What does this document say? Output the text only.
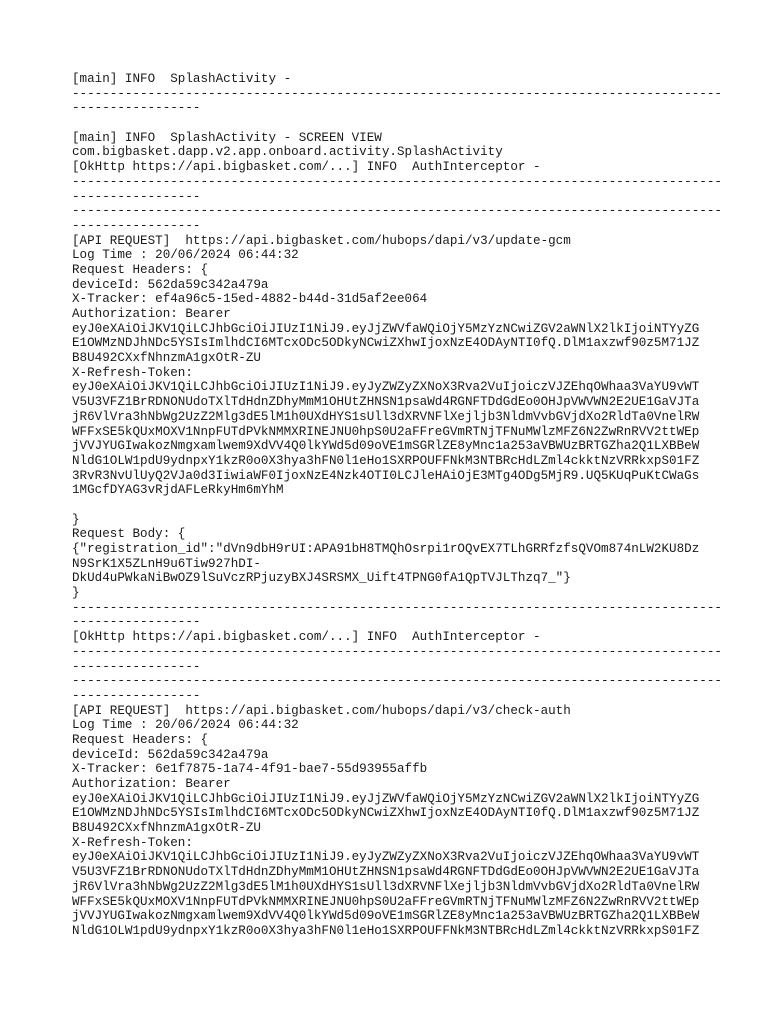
[main] INFO  SplashActivity -
--------------------------------------------------------------------------------------
-----------------
[main] INFO  SplashActivity - SCREEN VIEW
com.bigbasket.dapp.v2.app.onboard.activity.SplashActivity
[OkHttp https://api.bigbasket.com/...] INFO  AuthInterceptor -
--------------------------------------------------------------------------------------
-----------------
--------------------------------------------------------------------------------------
-----------------
[API REQUEST]  https://api.bigbasket.com/hubops/dapi/v3/update-gcm
Log Time : 20/06/2024 06:44:32
Request Headers: {
deviceId: 562da59c342a479a
X-Tracker: ef4a96c5-15ed-4882-b44d-31d5af2ee064
Authorization: Bearer
eyJ0eXAiOiJKV1QiLCJhbGciOiJIUzI1NiJ9.eyJjZWVfaWQiOjY5MzYzNCwiZGV2aWNlX2lkIjoiNTYyZG
E1OWMzNDJhNDc5YSIsImlhdCI6MTcxODc5ODkyNCwiZXhwIjoxNzE4ODAyNTI0fQ.DlM1axzwf90z5M71JZ
B8U492CXxfNhnzmA1gxOtR-ZU
X-Refresh-Token:
eyJ0eXAiOiJKV1QiLCJhbGciOiJIUzI1NiJ9.eyJyZWZyZXNoX3Rva2VuIjoiczVJZEhqOWhaa3VaYU9vWT
V5U3VFZ1BrRDNONUdoTXlTdHdnZDhyMmM1OHUtZHNSN1psaWd4RGNFTDdGdEo0OHJpVWVWN2E2UE1GaVJTa
jR6VlVra3hNbWg2UzZ2Mlg3dE5lM1h0UXdHYS1sUll3dXRVNFlXejljb3NldmVvbGVjdXo2RldTa0VnelRW
WFFxSE5kQUxMOXV1NnpFUTdPVkNMMXRINEJNU0hpS0U2aFFreGVmRTNjTFNuMWlzMFZ6N2ZwRnRVV2ttWEp
jVVJYUGIwakozNmgxamlwem9XdVV4Q0lkYWd5d09oVE1mSGRlZE8yMnc1a253aVBWUzBRTGZha2Q1LXBBeW
NldG1OLW1pdU9ydnpxY1kzR0o0X3hya3hFN0l1eHo1SXRPOUFFNkM3NTBRcHdLZml4ckktNzVRRkxpS01FZ
3RvR3NvUlUyQ2VJa0d3IiwiaWF0IjoxNzE4Nzk4OTI0LCJleHAiOjE3MTg4ODg5MjR9.UQ5KUqPuKtCWaGs
1MGcfDYAG3vRjdAFLeRkyHm6mYhM
}
Request Body: {
{"registration_id":"dVn9dbH9rUI:APA91bH8TMQhOsrpi1rOQvEX7TLhGRRfzfsQVOm874nLW2KU8Dz
N9SrK1X5ZLnH9u6Tiw927hDI-
DkUd4uPWkaNiBwOZ9lSuVczRPjuzyBXJ4SRSMX_Uift4TPNG0fA1QpTVJLThzq7_"}
}
--------------------------------------------------------------------------------------
-----------------
[OkHttp https://api.bigbasket.com/...] INFO  AuthInterceptor -
--------------------------------------------------------------------------------------
-----------------
--------------------------------------------------------------------------------------
-----------------
[API REQUEST]  https://api.bigbasket.com/hubops/dapi/v3/check-auth
Log Time : 20/06/2024 06:44:32
Request Headers: {
deviceId: 562da59c342a479a
X-Tracker: 6e1f7875-1a74-4f91-bae7-55d93955affb
Authorization: Bearer
eyJ0eXAiOiJKV1QiLCJhbGciOiJIUzI1NiJ9.eyJjZWVfaWQiOjY5MzYzNCwiZGV2aWNlX2lkIjoiNTYyZG
E1OWMzNDJhNDc5YSIsImlhdCI6MTcxODc5ODkyNCwiZXhwIjoxNzE4ODAyNTI0fQ.DlM1axzwf90z5M71JZ
B8U492CXxfNhnzmA1gxOtR-ZU
X-Refresh-Token:
eyJ0eXAiOiJKV1QiLCJhbGciOiJIUzI1NiJ9.eyJyZWZyZXNoX3Rva2VuIjoiczVJZEhqOWhaa3VaYU9vWT
V5U3VFZ1BrRDNONUdoTXlTdHdnZDhyMmM1OHUtZHNSN1psaWd4RGNFTDdGdEo0OHJpVWVWN2E2UE1GaVJTa
jR6VlVra3hNbWg2UzZ2Mlg3dE5lM1h0UXdHYS1sUll3dXRVNFlXejljb3NldmVvbGVjdXo2RldTa0VnelRW
WFFxSE5kQUxMOXV1NnpFUTdPVkNMMXRINEJNU0hpS0U2aFFreGVmRTNjTFNuMWlzMFZ6N2ZwRnRVV2ttWEp
jVVJYUGIwakozNmgxamlwem9XdVV4Q0lkYWd5d09oVE1mSGRlZE8yMnc1a253aVBWUzBRTGZha2Q1LXBBeW
NldG1OLW1pdU9ydnpxY1kzR0o0X3hya3hFN0l1eHo1SXRPOUFFNkM3NTBRcHdLZml4ckktNzVRRkxpS01FZ
